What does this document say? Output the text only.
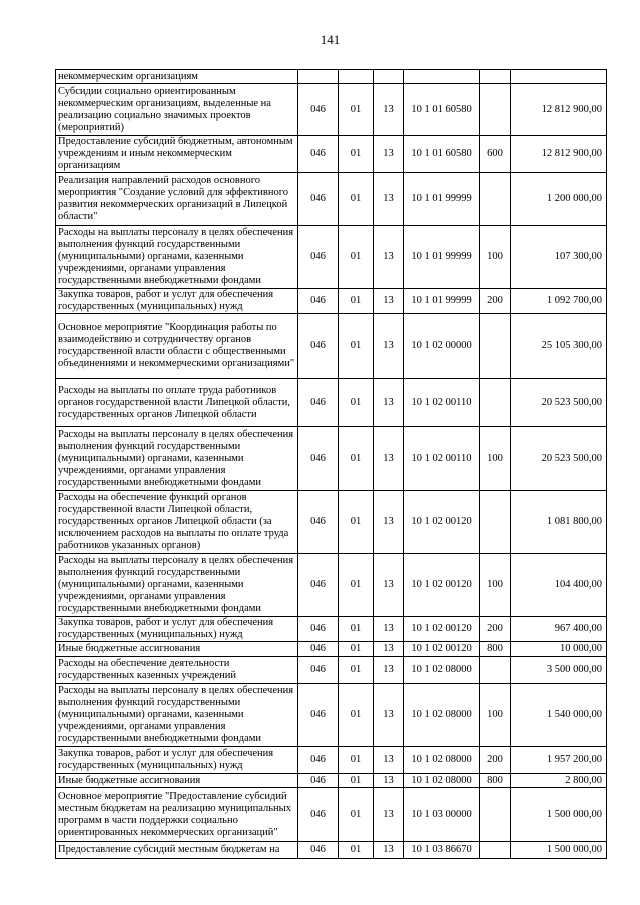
141
некоммерческим организациям						
Субсидии социально ориентированным некоммерческим организациям, выделенные на реализацию социально значимых проектов (мероприятий)	046	01	13	10 1 01 60580		12 812 900,00
Предоставление субсидий бюджетным, автономным учреждениям и иным некоммерческим организациям	046	01	13	10 1 01 60580	600	12 812 900,00
Реализация направлений расходов основного мероприятия "Создание условий для эффективного развития некоммерческих организаций в Липецкой области"	046	01	13	10 1 01 99999		1 200 000,00
Расходы на выплаты персоналу в целях обеспечения выполнения функций государственными (муниципальными) органами, казенными учреждениями, органами управления государственными внебюджетными фондами	046	01	13	10 1 01 99999	100	107 300,00
Закупка товаров, работ и услуг для обеспечения государственных (муниципальных) нужд	046	01	13	10 1 01 99999	200	1 092 700,00
Основное мероприятие "Координация работы по взаимодействию и сотрудничеству органов государственной власти области с общественными объединениями и некоммерческими организациями"	046	01	13	10 1 02 00000		25 105 300,00
Расходы на выплаты по оплате труда работников органов государственной власти Липецкой области, государственных органов Липецкой области	046	01	13	10 1 02 00110		20 523 500,00
Расходы на выплаты персоналу в целях обеспечения выполнения функций государственными (муниципальными) органами, казенными учреждениями, органами управления государственными внебюджетными фондами	046	01	13	10 1 02 00110	100	20 523 500,00
Расходы на обеспечение функций органов государственной власти Липецкой области, государственных органов Липецкой области (за исключением расходов на выплаты по оплате труда работников указанных органов)	046	01	13	10 1 02 00120		1 081 800,00
Расходы на выплаты персоналу в целях обеспечения выполнения функций государственными (муниципальными) органами, казенными учреждениями, органами управления государственными внебюджетными фондами	046	01	13	10 1 02 00120	100	104 400,00
Закупка товаров, работ и услуг для обеспечения государственных (муниципальных) нужд	046	01	13	10 1 02 00120	200	967 400,00
Иные бюджетные ассигнования	046	01	13	10 1 02 00120	800	10 000,00
Расходы на обеспечение деятельности государственных казенных учреждений	046	01	13	10 1 02 08000		3 500 000,00
Расходы на выплаты персоналу в целях обеспечения выполнения функций государственными (муниципальными) органами, казенными учреждениями, органами управления государственными внебюджетными фондами	046	01	13	10 1 02 08000	100	1 540 000,00
Закупка товаров, работ и услуг для обеспечения государственных (муниципальных) нужд	046	01	13	10 1 02 08000	200	1 957 200,00
Иные бюджетные ассигнования	046	01	13	10 1 02 08000	800	2 800,00
Основное мероприятие "Предоставление субсидий местным бюджетам на реализацию муниципальных программ в части поддержки социально ориентированных некоммерческих организаций"	046	01	13	10 1 03 00000		1 500 000,00
Предоставление субсидий местным бюджетам на	046	01	13	10 1 03 86670		1 500 000,00
